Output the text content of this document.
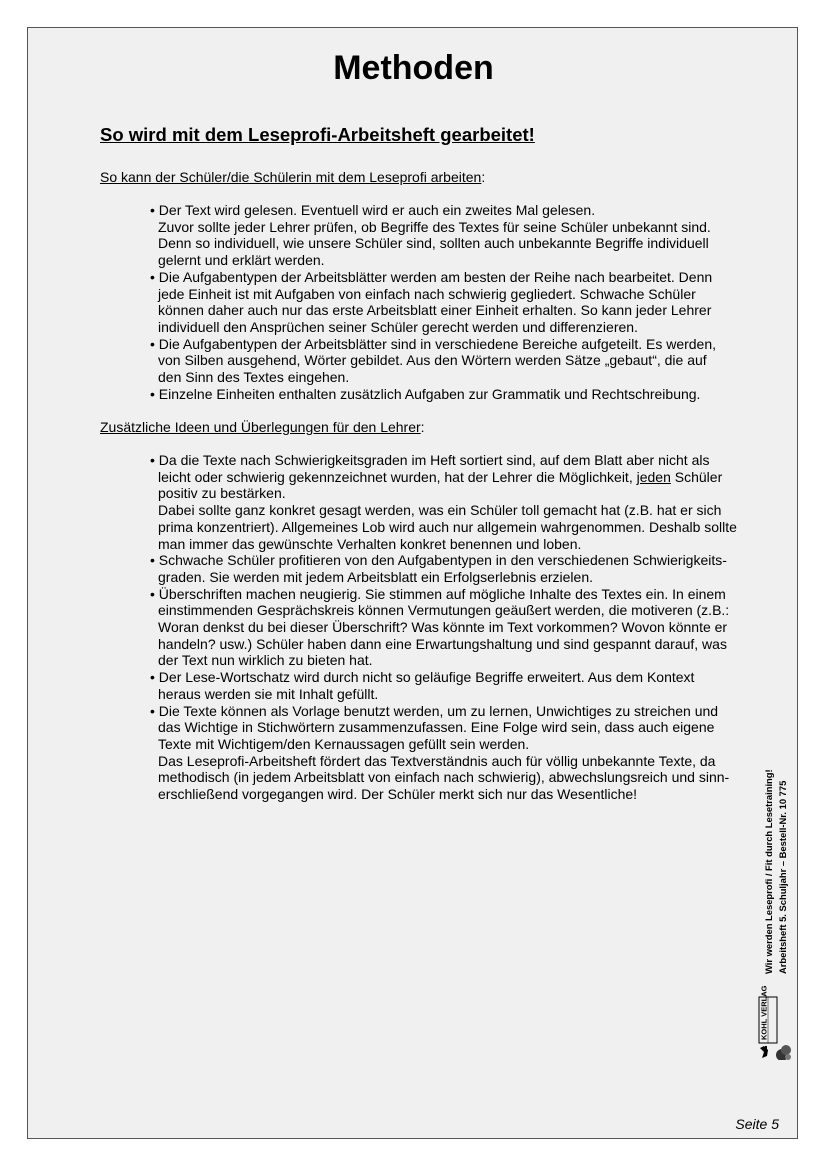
Methoden
So wird mit dem Leseprofi-Arbeitsheft gearbeitet!

So kann der Schüler/die Schülerin mit dem Leseprofi arbeiten:

• Der Text wird gelesen. Eventuell wird er auch ein zweites Mal gelesen.

Zuvor sollte jeder Lehrer prüfen, ob Begriffe des Textes für seine Schüler unbekannt sind.

Denn so individuell, wie unsere Schüler sind, sollten auch unbekannte Begriffe individuell

gelernt und erklärt werden.

• Die Aufgabentypen der Arbeitsblätter werden am besten der Reihe nach bearbeitet. Denn

jede Einheit ist mit Aufgaben von einfach nach schwierig gegliedert. Schwache Schüler

können daher auch nur das erste Arbeitsblatt einer Einheit erhalten. So kann jeder Lehrer

individuell den Ansprüchen seiner Schüler gerecht werden und differenzieren.

• Die Aufgabentypen der Arbeitsblätter sind in verschiedene Bereiche aufgeteilt. Es werden,

von Silben ausgehend, Wörter gebildet. Aus den Wörtern werden Sätze „gebaut“, die auf

den Sinn des Textes eingehen.

• Einzelne Einheiten enthalten zusätzlich Aufgaben zur Grammatik und Rechtschreibung.

Zusätzliche Ideen und Überlegungen für den Lehrer:

• Da die Texte nach Schwierigkeitsgraden im Heft sortiert sind, auf dem Blatt aber nicht als

leicht oder schwierig gekennzeichnet wurden, hat der Lehrer die Möglichkeit, jeden Schüler

positiv zu bestärken.

Dabei sollte ganz konkret gesagt werden, was ein Schüler toll gemacht hat (z.B. hat er sich

prima konzentriert). Allgemeines Lob wird auch nur allgemein wahrgenommen. Deshalb sollte

man immer das gewünschte Verhalten konkret benennen und loben.

• Schwache Schüler profitieren von den Aufgabentypen in den verschiedenen Schwierigkeits-

graden. Sie werden mit jedem Arbeitsblatt ein Erfolgserlebnis erzielen.

• Überschriften machen neugierig. Sie stimmen auf mögliche Inhalte des Textes ein. In einem

einstimmenden Gesprächskreis können Vermutungen geäußert werden, die motiveren (z.B.:

Woran denkst du bei dieser Überschrift? Was könnte im Text vorkommen? Wovon könnte er

handeln? usw.) Schüler haben dann eine Erwartungshaltung und sind gespannt darauf, was

der Text nun wirklich zu bieten hat.

• Der Lese-Wortschatz wird durch nicht so geläufige Begriffe erweitert. Aus dem Kontext

heraus werden sie mit Inhalt gefüllt.

• Die Texte können als Vorlage benutzt werden, um zu lernen, Unwichtiges zu streichen und

das Wichtige in Stichwörtern zusammenzufassen. Eine Folge wird sein, dass auch eigene

Texte mit Wichtigem/den Kernaussagen gefüllt sein werden.

Das Leseprofi-Arbeitsheft fördert das Textverständnis auch für völlig unbekannte Texte, da

methodisch (in jedem Arbeitsblatt von einfach nach schwierig), abwechslungsreich und sinn-

erschließend vorgegangen wird. Der Schüler merkt sich nur das Wesentliche!

KOHL VERLAG
Wir werden Leseprofi / Fit durch Lesetraining! Arbeitsheft 5. Schuljahr – Bestell-Nr. 10 775
Seite 5
